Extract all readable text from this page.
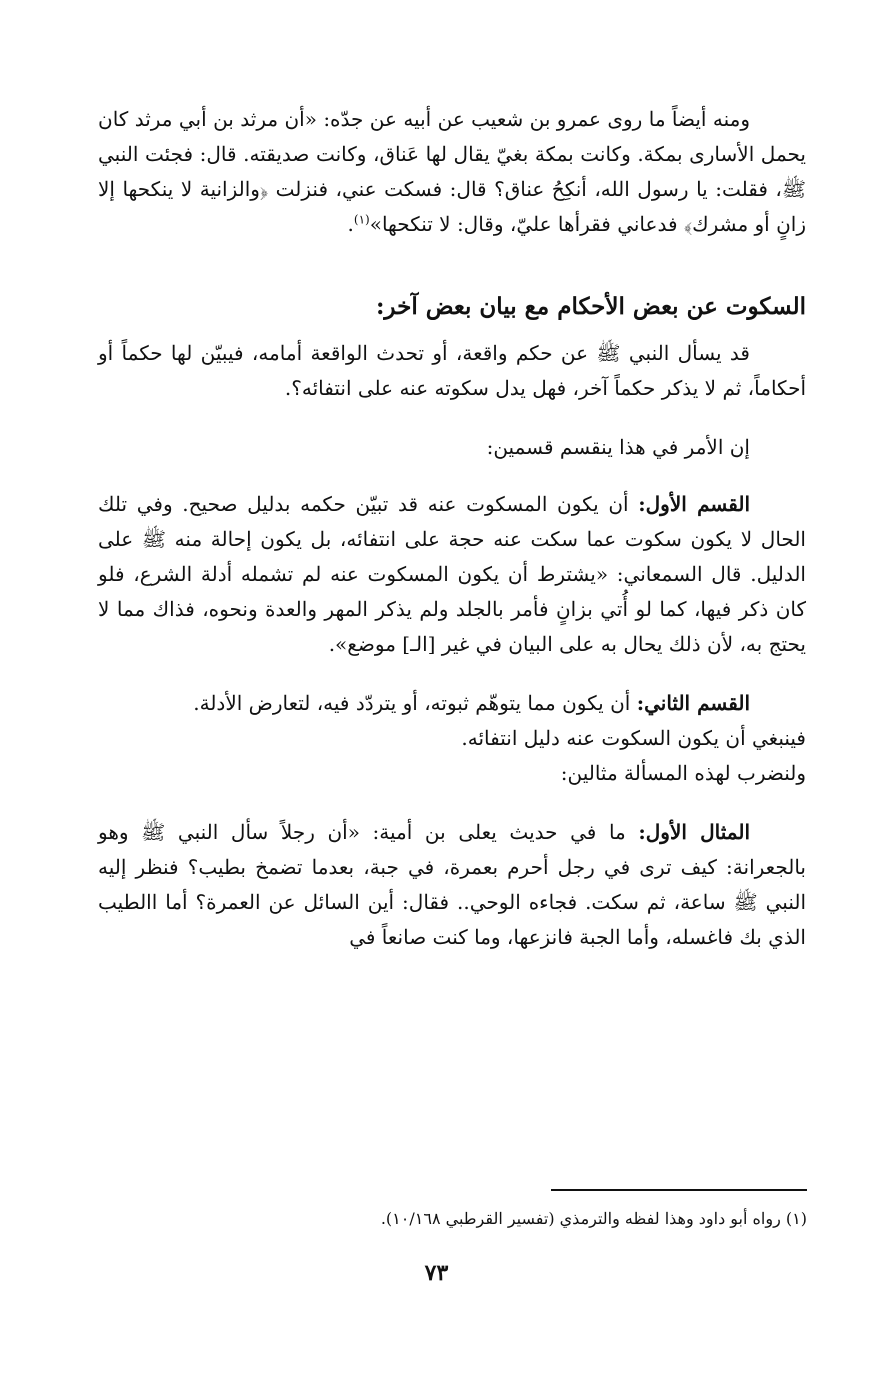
ومنه أيضاً ما روى عمرو بن شعيب عن أبيه عن جدّه: «أن مرثد بن أبي مرثد كان يحمل الأسارى بمكة. وكانت بمكة بغيّ يقال لها عَناق، وكانت صديقته. قال: فجئت النبي ﷺ، فقلت: يا رسول الله، أنكِحُ عناق؟ قال: فسكت عني، فنزلت ﴿والزانية لا ينكحها إلا زانٍ أو مشرك﴾ فدعاني فقرأها عليّ، وقال: لا تنكحها»$^{(١)}$.

السكوت عن بعض الأحكام مع بيان بعض آخر:

قد يسأل النبي ﷺ عن حكم واقعة، أو تحدث الواقعة أمامه، فيبيّن لها حكماً أو أحكاماً، ثم لا يذكر حكماً آخر، فهل يدل سكوته عنه على انتفائه؟.

إن الأمر في هذا ينقسم قسمين:

القسم الأول: أن يكون المسكوت عنه قد تبيّن حكمه بدليل صحيح. وفي تلك الحال لا يكون سكوت عما سكت عنه حجة على انتفائه، بل يكون إحالة منه ﷺ على الدليل. قال السمعاني: «يشترط أن يكون المسكوت عنه لم تشمله أدلة الشرع، فلو كان ذكر فيها، كما لو أُتي بزانٍ فأمر بالجلد ولم يذكر المهر والعدة ونحوه، فذاك مما لا يحتج به، لأن ذلك يحال به على البيان في غير [الـ] موضع».

القسم الثاني: أن يكون مما يتوهّم ثبوته، أو يتردّد فيه، لتعارض الأدلة.

فينبغي أن يكون السكوت عنه دليل انتفائه.

ولنضرب لهذه المسألة مثالين:

المثال الأول: ما في حديث يعلى بن أمية: «أن رجلاً سأل النبي ﷺ وهو بالجعرانة: كيف ترى في رجل أحرم بعمرة، في جبة، بعدما تضمخ بطيب؟ فنظر إليه النبي ﷺ ساعة، ثم سكت. فجاءه الوحي.. فقال: أين السائل عن العمرة؟ أما االطيب الذي بك فاغسله، وأما الجبة فانزعها، وما كنت صانعاً في

(١) رواه أبو داود وهذا لفظه والترمذي (تفسير القرطبي ١٠/١٦٨).
٧٣
